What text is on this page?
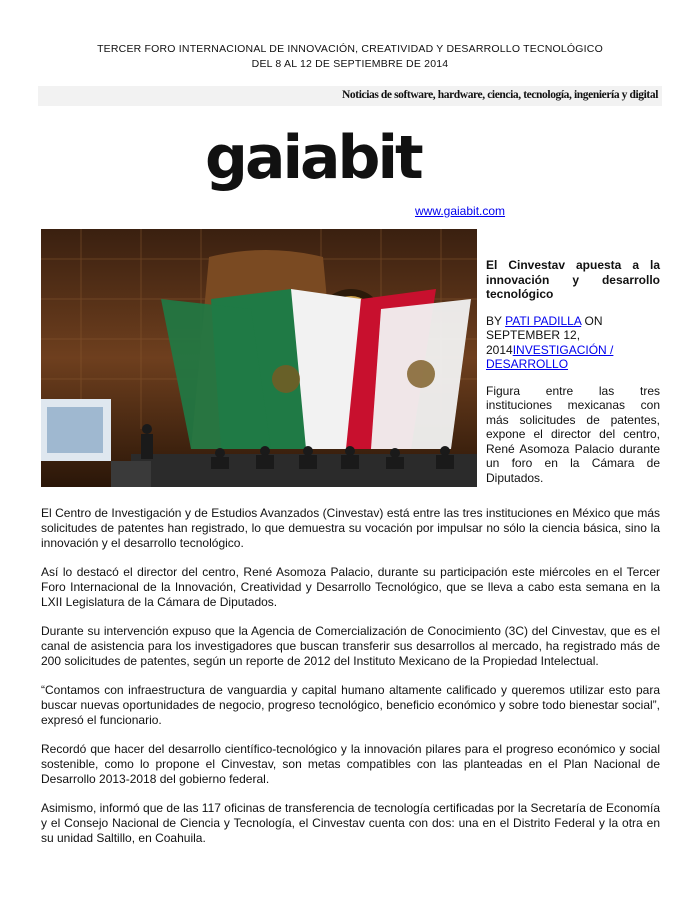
TERCER FORO INTERNACIONAL DE INNOVACIÓN, CREATIVIDAD Y DESARROLLO TECNOLÓGICO
DEL 8 AL 12 DE SEPTIEMBRE DE 2014
Noticias de software, hardware, ciencia, tecnología, ingeniería y digital
gaiabit
www.gaiabit.com

El Cinvestav apuesta a la innovación y desarrollo tecnológico

BY PATI PADILLA ON SEPTEMBER 12, 2014INVESTIGACIÓN / DESARROLLO

Figura entre las tres instituciones mexicanas con más solicitudes de patentes, expone el director del centro, René Asomoza Palacio durante un foro en la Cámara de Diputados.

El Centro de Investigación y de Estudios Avanzados (Cinvestav) está entre las tres instituciones en México que más solicitudes de patentes han registrado, lo que demuestra su vocación por impulsar no sólo la ciencia básica, sino la innovación y el desarrollo tecnológico.

Así lo destacó el director del centro, René Asomoza Palacio, durante su participación este miércoles en el Tercer Foro Internacional de la Innovación, Creatividad y Desarrollo Tecnológico, que se lleva a cabo esta semana en la LXII Legislatura de la Cámara de Diputados.

Durante su intervención expuso que la Agencia de Comercialización de Conocimiento (3C) del Cinvestav, que es el canal de asistencia para los investigadores que buscan transferir sus desarrollos al mercado, ha registrado más de 200 solicitudes de patentes, según un reporte de 2012 del Instituto Mexicano de la Propiedad Intelectual.

“Contamos con infraestructura de vanguardia y capital humano altamente calificado y queremos utilizar esto para buscar nuevas oportunidades de negocio, progreso tecnológico, beneficio económico y sobre todo bienestar social”, expresó el funcionario.

Recordó que hacer del desarrollo científico-tecnológico y la innovación pilares para el progreso económico y social sostenible, como lo propone el Cinvestav, son metas compatibles con las planteadas en el Plan Nacional de Desarrollo 2013-2018 del gobierno federal.

Asimismo, informó que de las 117 oficinas de transferencia de tecnología certificadas por la Secretaría de Economía y el Consejo Nacional de Ciencia y Tecnología, el Cinvestav cuenta con dos: una en el Distrito Federal y la otra en su unidad Saltillo, en Coahuila.
